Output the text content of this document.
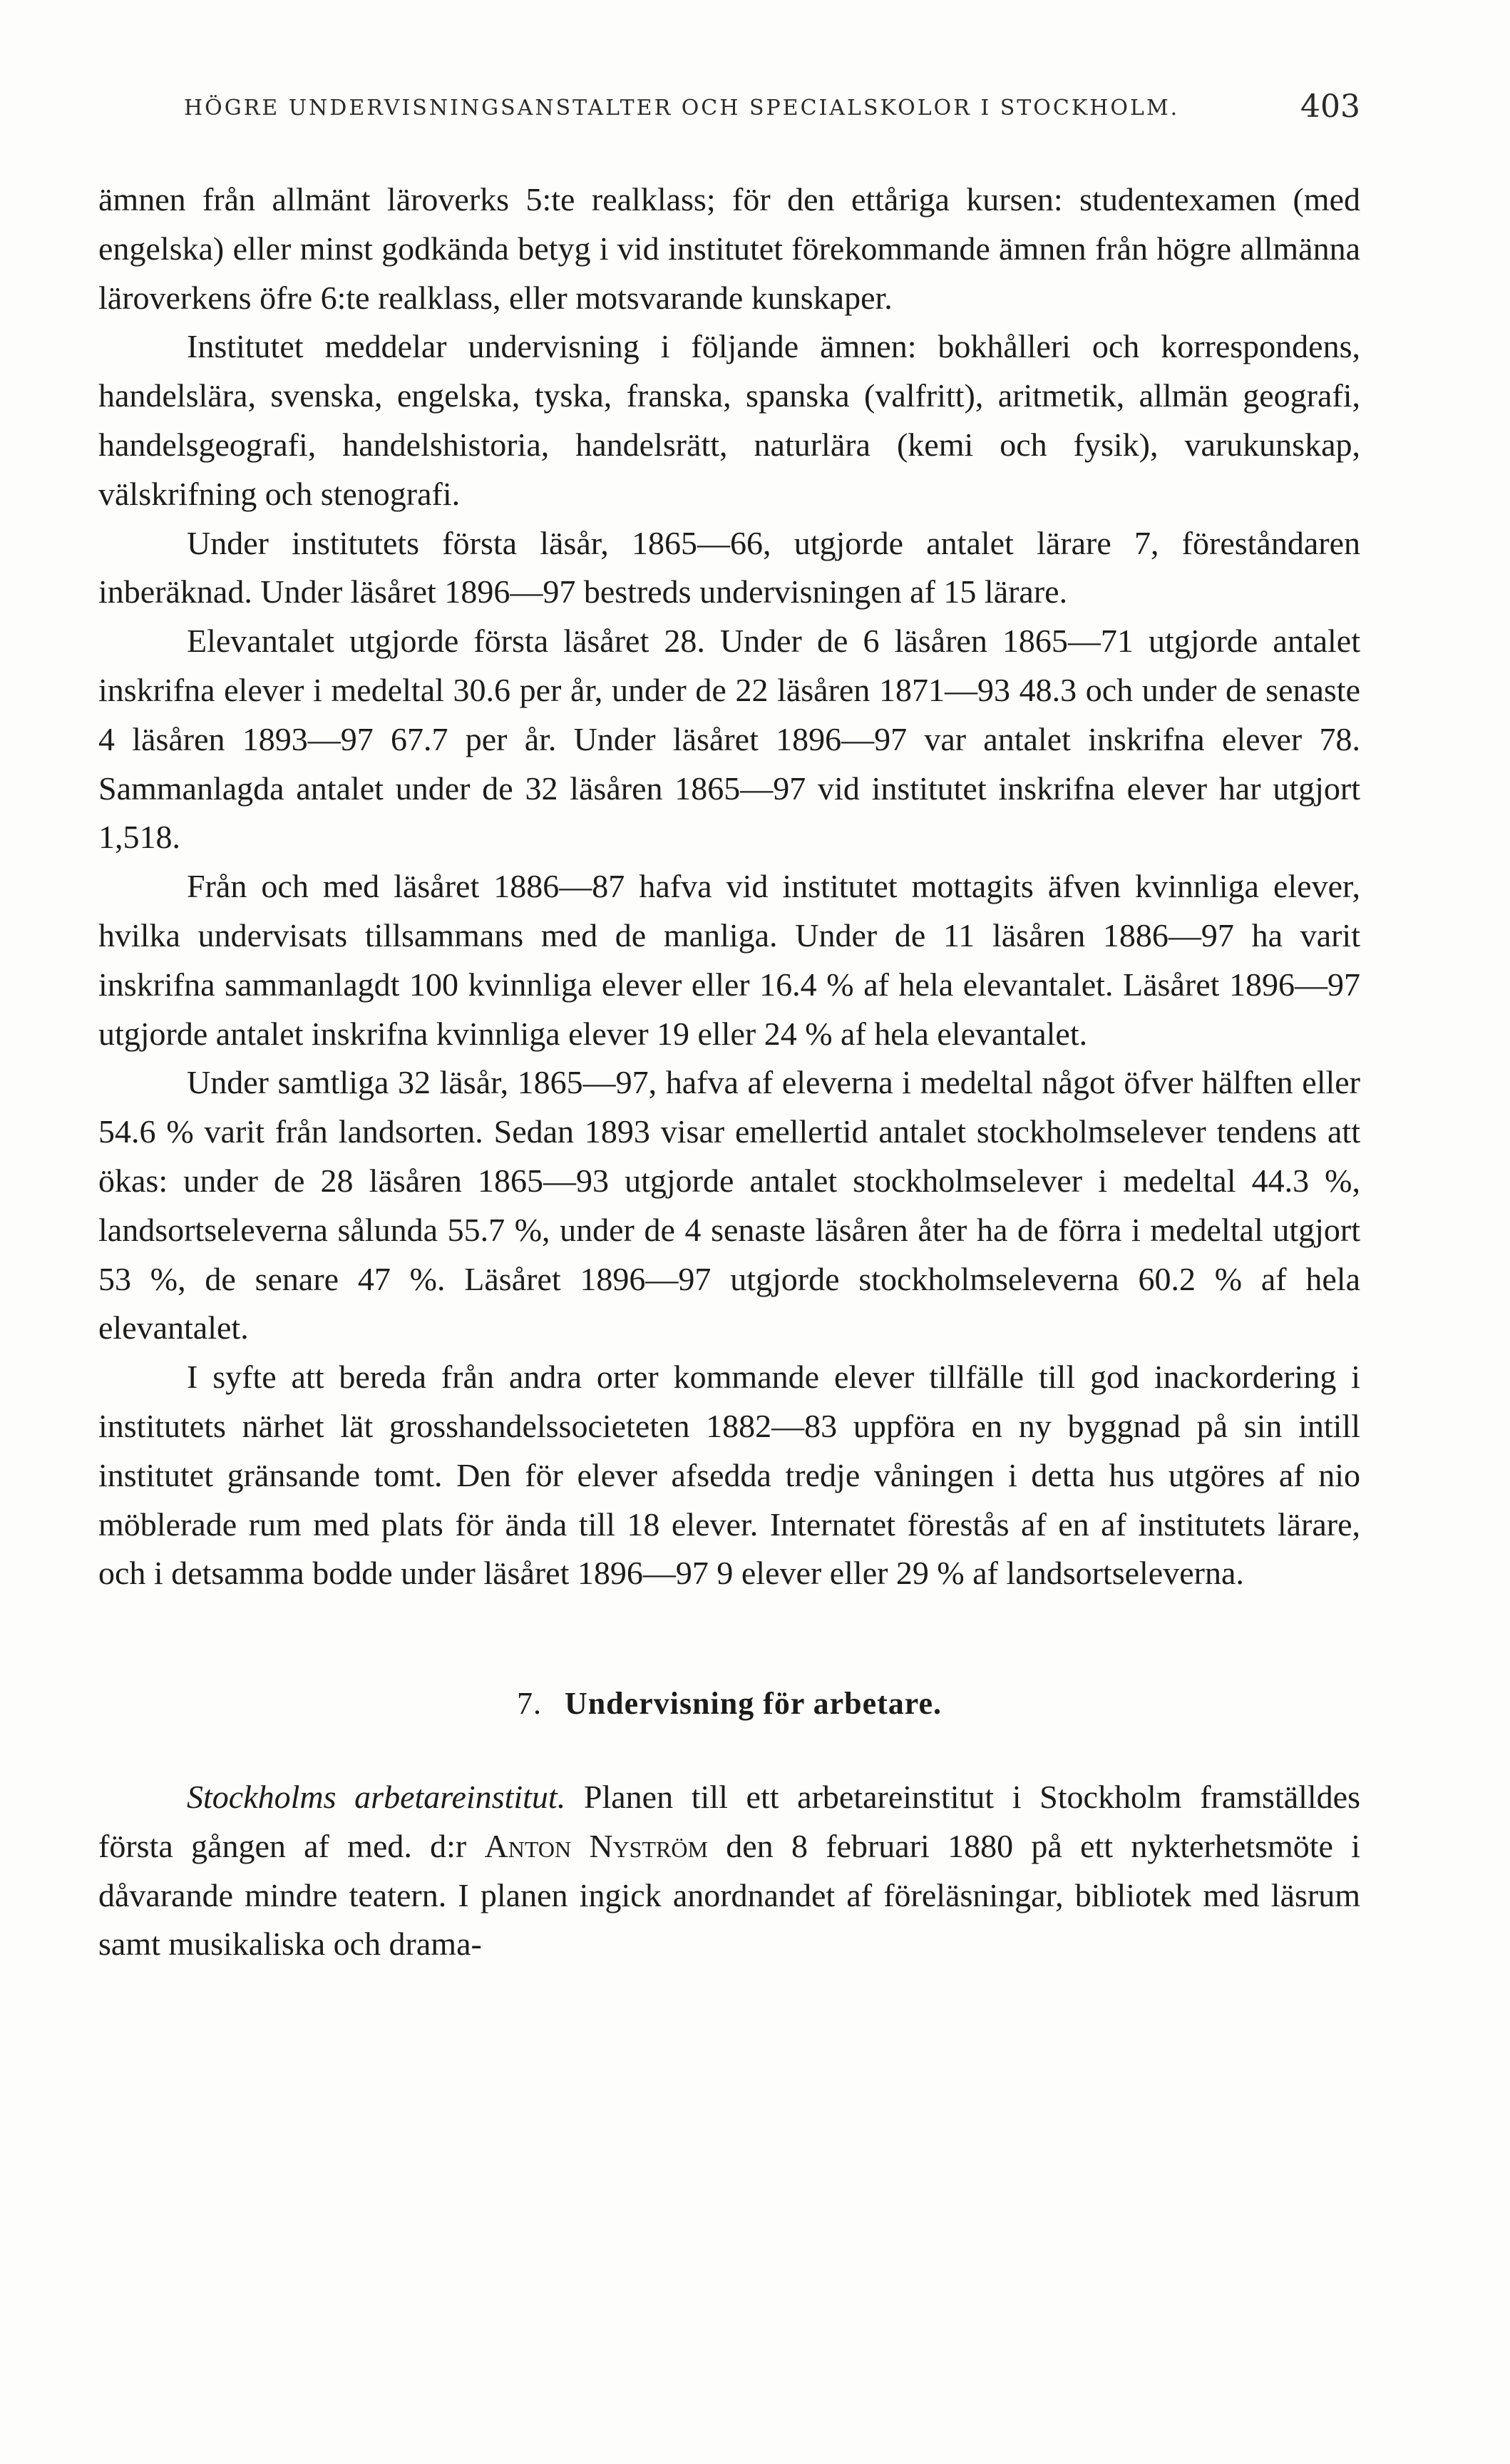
HÖGRE UNDERVISNINGSANSTALTER OCH SPECIALSKOLOR I STOCKHOLM.	403

ämnen från allmänt läroverks 5:te realklass; för den ettåriga kursen: studentexamen (med engelska) eller minst godkända betyg i vid institutet förekommande ämnen från högre allmänna läroverkens öfre 6:te realklass, eller motsvarande kunskaper.

Institutet meddelar undervisning i följande ämnen: bokhålleri och korrespondens, handelslära, svenska, engelska, tyska, franska, spanska (valfritt), aritmetik, allmän geografi, handelsgeografi, handelshistoria, handelsrätt, naturlära (kemi och fysik), varukunskap, välskrifning och stenografi.

Under institutets första läsår, 1865—66, utgjorde antalet lärare 7, föreståndaren inberäknad. Under läsåret 1896—97 bestreds undervisningen af 15 lärare.

Elevantalet utgjorde första läsåret 28. Under de 6 läsåren 1865—71 utgjorde antalet inskrifna elever i medeltal 30.6 per år, under de 22 läsåren 1871—93 48.3 och under de senaste 4 läsåren 1893—97 67.7 per år. Under läsåret 1896—97 var antalet inskrifna elever 78. Sammanlagda antalet under de 32 läsåren 1865—97 vid institutet inskrifna elever har utgjort 1,518.

Från och med läsåret 1886—87 hafva vid institutet mottagits äfven kvinnliga elever, hvilka undervisats tillsammans med de manliga. Under de 11 läsåren 1886—97 ha varit inskrifna sammanlagdt 100 kvinnliga elever eller 16.4 % af hela elevantalet. Läsåret 1896—97 utgjorde antalet inskrifna kvinnliga elever 19 eller 24 % af hela elevantalet.

Under samtliga 32 läsår, 1865—97, hafva af eleverna i medeltal något öfver hälften eller 54.6 % varit från landsorten. Sedan 1893 visar emellertid antalet stockholmselever tendens att ökas: under de 28 läsåren 1865—93 utgjorde antalet stockholmselever i medeltal 44.3 %, landsortseleverna sålunda 55.7 %, under de 4 senaste läsåren åter ha de förra i medeltal utgjort 53 %, de senare 47 %. Läsåret 1896—97 utgjorde stockholmseleverna 60.2 % af hela elevantalet.

I syfte att bereda från andra orter kommande elever tillfälle till god inackordering i institutets närhet lät grosshandelssocieteten 1882—83 uppföra en ny byggnad på sin intill institutet gränsande tomt. Den för elever afsedda tredje våningen i detta hus utgöres af nio möblerade rum med plats för ända till 18 elever. Internatet förestås af en af institutets lärare, och i detsamma bodde under läsåret 1896—97 9 elever eller 29 % af landsortseleverna.

7. Undervisning för arbetare.

Stockholms arbetareinstitut. Planen till ett arbetareinstitut i Stockholm framställdes första gången af med. d:r Anton Nyström den 8 februari 1880 på ett nykterhetsmöte i dåvarande mindre teatern. I planen ingick anordnandet af föreläsningar, bibliotek med läsrum samt musikaliska och drama-
